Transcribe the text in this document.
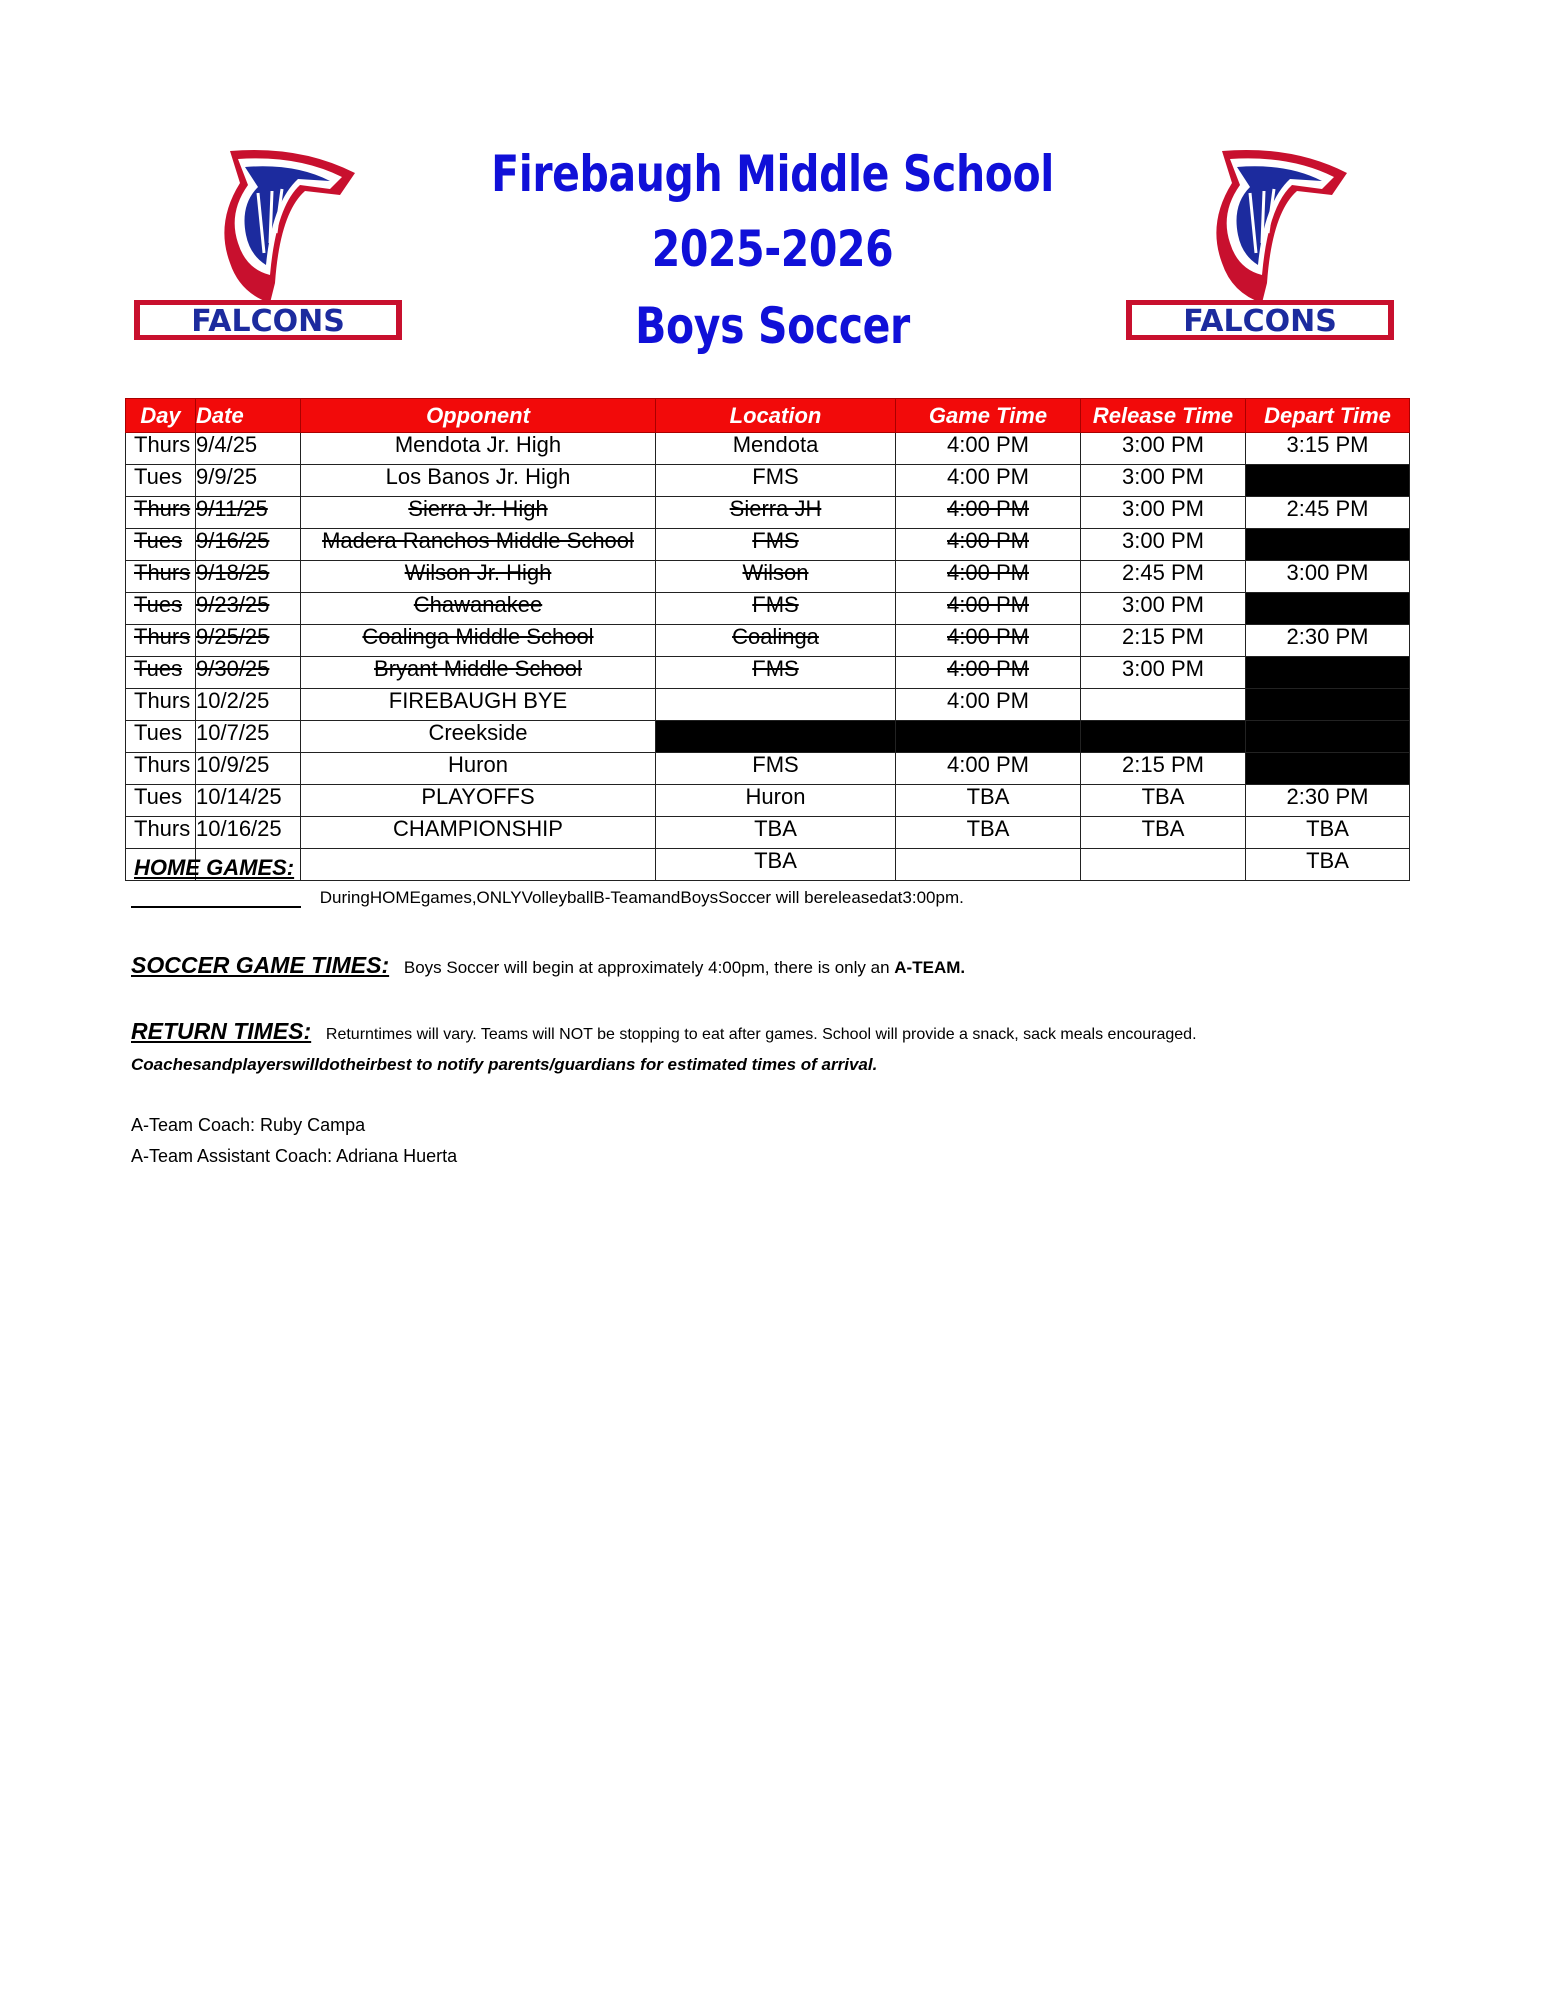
Firebaugh Middle School
2025-2026
Boys Soccer
FALCONS	FALCONS
Day	Date	Opponent	Location	Game Time	Release Time	Depart Time
Thurs	9/4/25	Mendota Jr. High	Mendota	4:00 PM	3:00 PM	3:15 PM
Tues	9/9/25	Los Banos Jr. High	FMS	4:00 PM	3:00 PM	
Thurs	9/11/25	Sierra Jr. High	Sierra JH	4:00 PM	3:00 PM	2:45 PM
Tues	9/16/25	Madera Ranchos Middle School	FMS	4:00 PM	3:00 PM	
Thurs	9/18/25	Wilson Jr. High	Wilson	4:00 PM	2:45 PM	3:00 PM
Tues	9/23/25	Chawanakee	FMS	4:00 PM	3:00 PM	
Thurs	9/25/25	Coalinga Middle School	Coalinga	4:00 PM	2:15 PM	2:30 PM
Tues	9/30/25	Bryant Middle School	FMS	4:00 PM	3:00 PM	
Thurs	10/2/25	FIREBAUGH BYE		4:00 PM		
Tues	10/7/25	Creekside			3:00 PM	
Thurs	10/9/25	Huron	FMS	4:00 PM	2:15 PM	
Tues	10/14/25	PLAYOFFS	Huron	TBA	TBA	2:30 PM
Thurs	10/16/25	CHAMPIONSHIP	TBA	TBA	TBA	TBA
HOME GAMES:			TBA			TBA
DuringHOMEgames,ONLYVolleyballB-TeamandBoysSoccer will bereleasedat3:00pm.
SOCCER GAME TIMES: Boys Soccer will begin at approximately 4:00pm, there is only an A-TEAM.
RETURN TIMES: Returntimes will vary. Teams will NOT be stopping to eat after games. School will provide a snack, sack meals encouraged.
Coachesandplayerswilldotheirbest to notify parents/guardians for estimated times of arrival.
A-Team Coach: Ruby Campa
A-Team Assistant Coach: Adriana Huerta
